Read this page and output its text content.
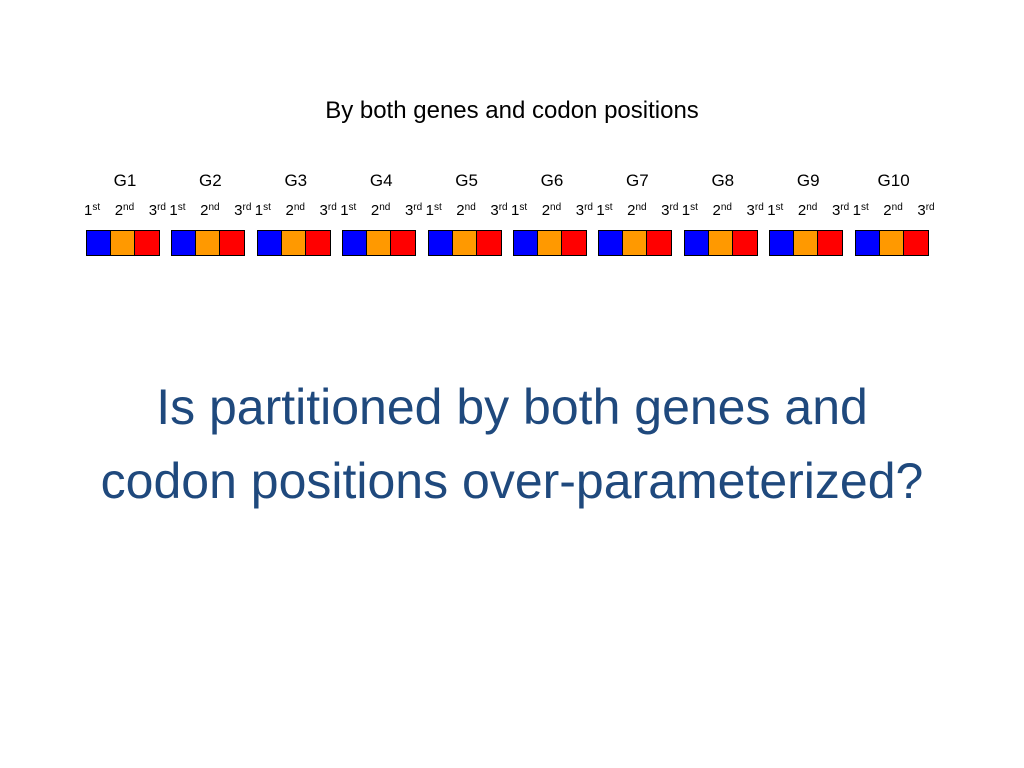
By both genes and codon positions
G1
1st 2nd 3rd
G2
1st 2nd 3rd
G3
1st 2nd 3rd
G4
1st 2nd 3rd
G5
1st 2nd 3rd
G6
1st 2nd 3rd
G7
1st 2nd 3rd
G8
1st 2nd 3rd
G9
1st 2nd 3rd
G10
1st 2nd 3rd
Is partitioned by both genes and
codon positions over-parameterized?
